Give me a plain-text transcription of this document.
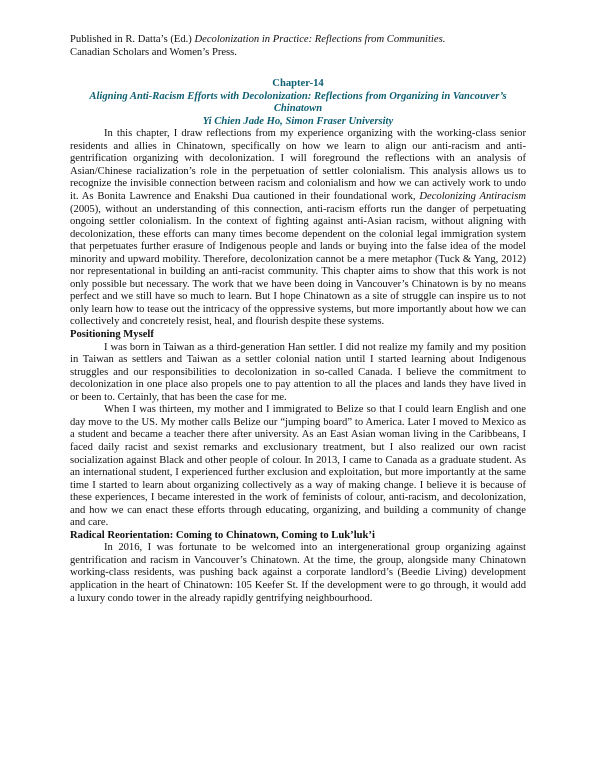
Published in R. Datta’s (Ed.) Decolonization in Practice: Reflections from Communities.
Canadian Scholars and Women’s Press.

Chapter-14
Aligning Anti-Racism Efforts with Decolonization: Reflections from Organizing in Vancouver’s Chinatown
Yi Chien Jade Ho, Simon Fraser University

In this chapter, I draw reflections from my experience organizing with the working-class senior residents and allies in Chinatown, specifically on how we learn to align our anti-racism and anti-gentrification organizing with decolonization. I will foreground the reflections with an analysis of Asian/Chinese racialization’s role in the perpetuation of settler colonialism. This analysis allows us to recognize the invisible connection between racism and colonialism and how we can actively work to undo it. As Bonita Lawrence and Enakshi Dua cautioned in their foundational work, Decolonizing Antiracism (2005), without an understanding of this connection, anti-racism efforts run the danger of perpetuating ongoing settler colonialism. In the context of fighting against anti-Asian racism, without aligning with decolonization, these efforts can many times become dependent on the colonial legal immigration system that perpetuates further erasure of Indigenous people and lands or buying into the false idea of the model minority and upward mobility. Therefore, decolonization cannot be a mere metaphor (Tuck & Yang, 2012) nor representational in building an anti-racist community. This chapter aims to show that this work is not only possible but necessary. The work that we have been doing in Vancouver’s Chinatown is by no means perfect and we still have so much to learn. But I hope Chinatown as a site of struggle can inspire us to not only learn how to tease out the intricacy of the oppressive systems, but more importantly about how we can collectively and concretely resist, heal, and flourish despite these systems.

Positioning Myself

I was born in Taiwan as a third-generation Han settler. I did not realize my family and my position in Taiwan as settlers and Taiwan as a settler colonial nation until I started learning about Indigenous struggles and our responsibilities to decolonization in so-called Canada. I believe the commitment to decolonization in one place also propels one to pay attention to all the places and lands they have lived in or been to. Certainly, that has been the case for me.

When I was thirteen, my mother and I immigrated to Belize so that I could learn English and one day move to the US. My mother calls Belize our “jumping board” to America. Later I moved to Mexico as a student and became a teacher there after university. As an East Asian woman living in the Caribbeans, I faced daily racist and sexist remarks and exclusionary treatment, but I also realized our own racist socialization against Black and other people of colour. In 2013, I came to Canada as a graduate student. As an international student, I experienced further exclusion and exploitation, but more importantly at the same time I started to learn about organizing collectively as a way of making change. I believe it is because of these experiences, I became interested in the work of feminists of colour, anti-racism, and decolonization, and how we can enact these efforts through educating, organizing, and building a community of change and care.

Radical Reorientation: Coming to Chinatown, Coming to Luk’luk’i

In 2016, I was fortunate to be welcomed into an intergenerational group organizing against gentrification and racism in Vancouver’s Chinatown. At the time, the group, alongside many Chinatown working-class residents, was pushing back against a corporate landlord’s (Beedie Living) development application in the heart of Chinatown: 105 Keefer St. If the development were to go through, it would add a luxury condo tower in the already rapidly gentrifying neighbourhood.
